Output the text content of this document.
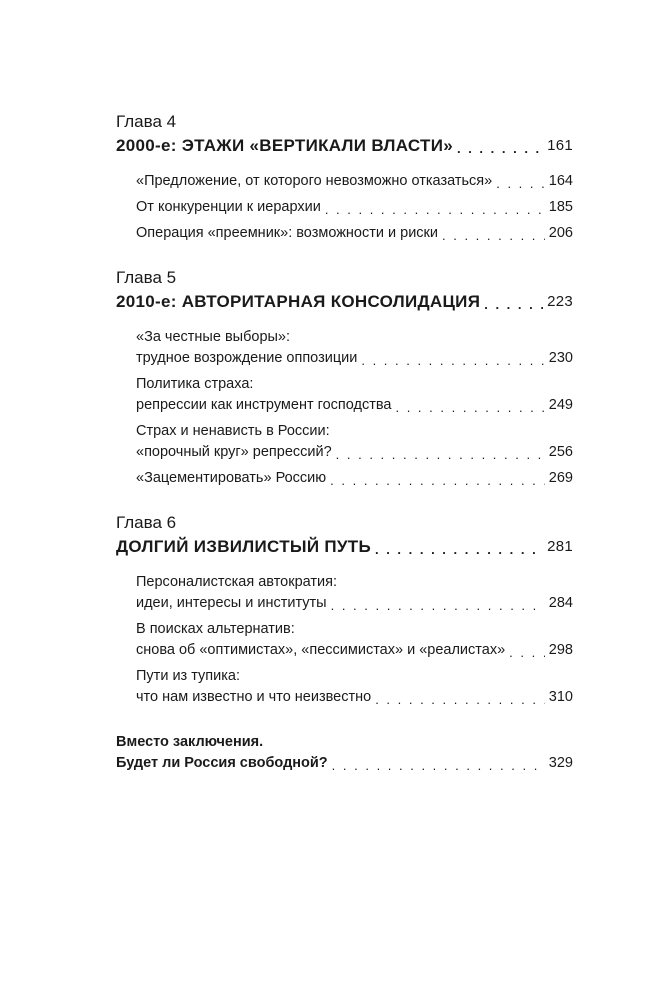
Глава 4
2000-е: ЭТАЖИ «ВЕРТИКАЛИ ВЛАСТИ» . . .	161
«Предложение, от которого невозможно отказаться» . . .	164
От конкуренции к иерархии . . .	185
Операция «преемник»: возможности и риски . . .	206
Глава 5
2010-е: АВТОРИТАРНАЯ КОНСОЛИДАЦИЯ . . .	223
«За честные выборы»:
трудное возрождение оппозиции . . .	230
Политика страха:
репрессии как инструмент господства . . .	249
Страх и ненависть в России:
«порочный круг» репрессий? . . .	256
«Зацементировать» Россию . . .	269
Глава 6
ДОЛГИЙ ИЗВИЛИСТЫЙ ПУТЬ . . .	281
Персоналистская автократия:
идеи, интересы и институты . . .	284
В поисках альтернатив:
снова об «оптимистах», «пессимистах» и «реалистах» . . .	298
Пути из тупика:
что нам известно и что неизвестно . . .	310
Вместо заключения.
Будет ли Россия свободной? . . .	329
